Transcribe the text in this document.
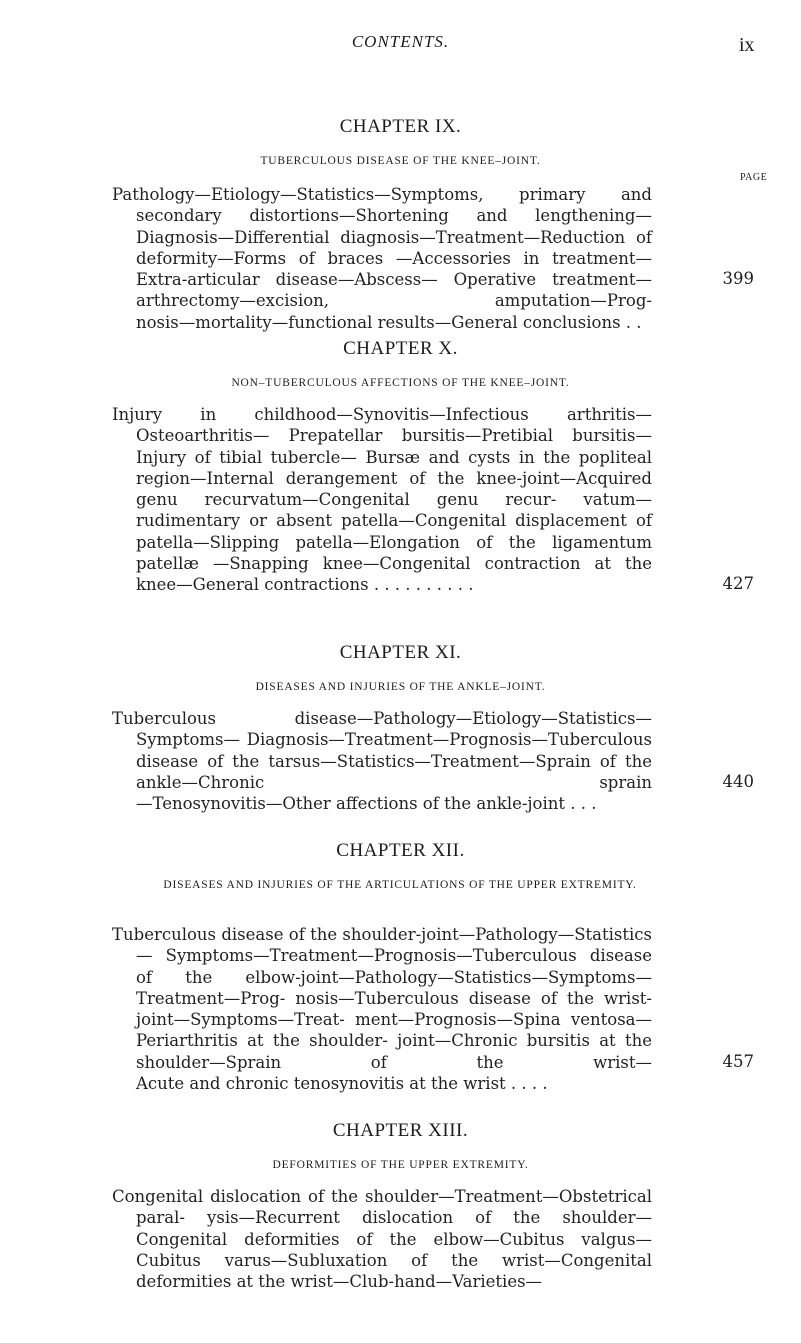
CONTENTS.	ix
CHAPTER IX.
TUBERCULOUS DISEASE OF THE KNEE–JOINT.
PAGE

Pathology—Etiology—Statistics—Symptoms, primary and secondary distortions—Shortening and lengthening—Diagnosis—Differential diagnosis—Treatment—Reduction of deformity—Forms of braces —Accessories in treatment—Extra-articular disease—Abscess— Operative treatment—arthrectomy—excision, amputation—Prog- nosis—mortality—functional results—General conclusions . .

399
CHAPTER X.
NON–TUBERCULOUS AFFECTIONS OF THE KNEE–JOINT.

Injury in childhood—Synovitis—Infectious arthritis—Osteoarthritis— Prepatellar bursitis—Pretibial bursitis—Injury of tibial tubercle— Bursæ and cysts in the popliteal region—Internal derangement of the knee-joint—Acquired genu recurvatum—Congenital genu recur- vatum—rudimentary or absent patella—Congenital displacement of patella—Slipping patella—Elongation of the ligamentum patellæ —Snapping knee—Congenital contraction at the knee—General contractions . . . . . . . . . .	427
CHAPTER XI.
DISEASES AND INJURIES OF THE ANKLE–JOINT.

Tuberculous disease—Pathology—Etiology—Statistics—Symptoms— Diagnosis—Treatment—Prognosis—Tuberculous disease of the tarsus—Statistics—Treatment—Sprain of the ankle—Chronic sprain —Tenosynovitis—Other affections of the ankle-joint . . .

440
CHAPTER XII.
DISEASES AND INJURIES OF THE ARTICULATIONS OF THE UPPER EXTREMITY.

Tuberculous disease of the shoulder-joint—Pathology—Statistics— Symptoms—Treatment—Prognosis—Tuberculous disease of the elbow-joint—Pathology—Statistics—Symptoms—Treatment—Prog- nosis—Tuberculous disease of the wrist-joint—Symptoms—Treat- ment—Prognosis—Spina ventosa—Periarthritis at the shoulder- joint—Chronic bursitis at the shoulder—Sprain of the wrist— Acute and chronic tenosynovitis at the wrist . . . .

457
CHAPTER XIII.
DEFORMITIES OF THE UPPER EXTREMITY.

Congenital dislocation of the shoulder—Treatment—Obstetrical paral- ysis—Recurrent dislocation of the shoulder—Congenital deformities of the elbow—Cubitus valgus—Cubitus varus—Subluxation of the wrist—Congenital deformities at the wrist—Club-hand—Varieties—
